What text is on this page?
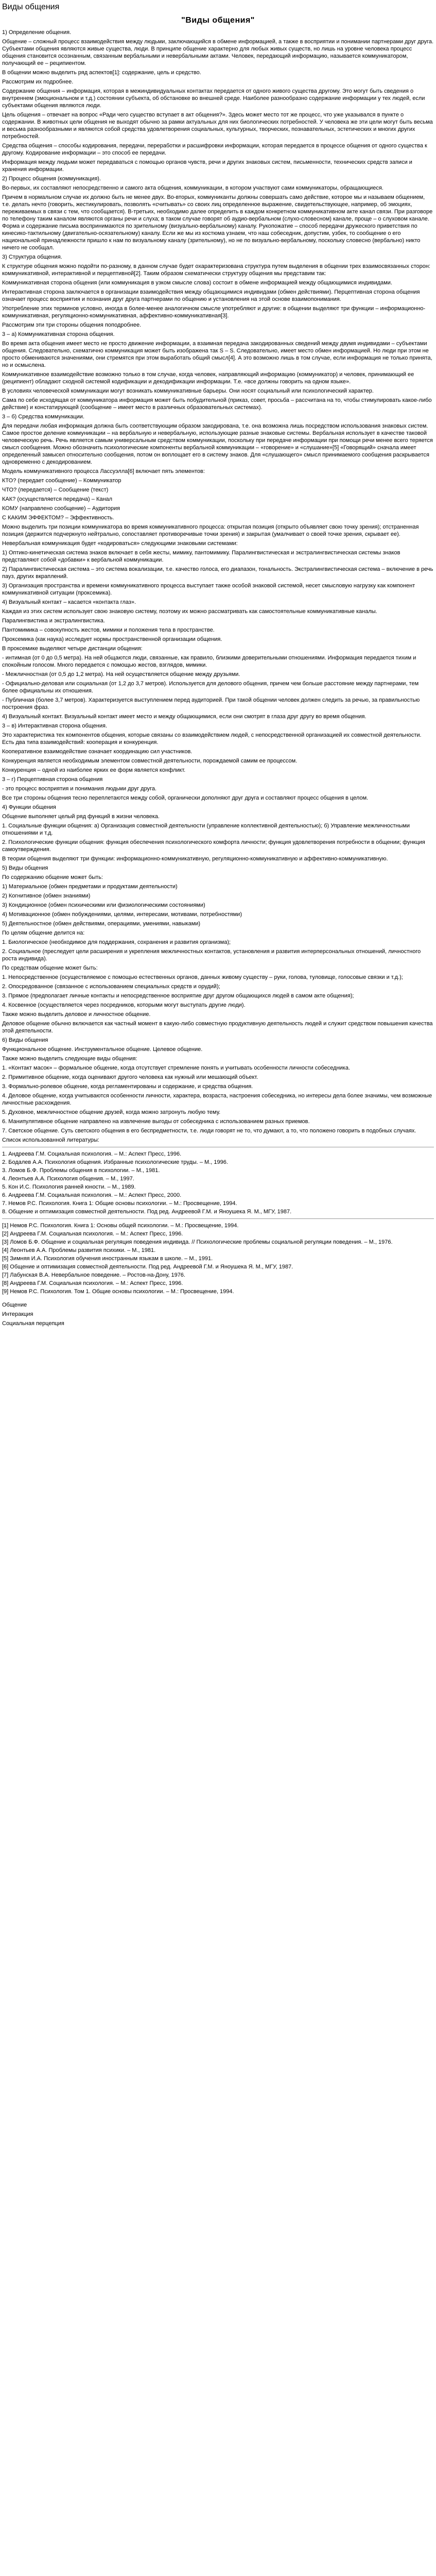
Виды общения
"Виды общения"
1) Определение общения.
Общение – сложный процесс взаимодействия между людьми, заключающийся в обмене информацией, а также в восприятии и понимании партнерами друг друга. Субъектами общения являются живые существа, люди. В принципе общение характерно для любых живых существ, но лишь на уровне человека процесс общения становится осознанным, связанным вербальными и невербальными актами. Человек, передающий информацию, называется коммуникатором, получающий ее – реципиентом.
В общении можно выделить ряд аспектов[1]: содержание, цель и средство.
Рассмотрим их подробнее.
Содержание общения – информация, которая в межиндивидуальных контактах передается от одного живого существа другому. Это могут быть сведения о внутреннем (эмоциональном и т.д.) состоянии субъекта, об обстановке во внешней среде. Наиболее разнообразно содержание информации у тех людей, если субъектами общения являются люди.
Цель общения – отвечает на вопрос «Ради чего существо вступает в акт общения?». Здесь может место тот же процесс, что уже указывался в пункте о содержании. В животных цели общения не выходят обычно за рамки актуальных для них биологических потребностей. У человека же эти цели могут быть весьма и весьма разнообразными и являются собой средства удовлетворения социальных, культурных, творческих, познавательных, эстетических и многих других потребностей.
Средства общения – способы кодирования, передачи, переработки и расшифровки информации, которая передается в процессе общения от одного существа к другому. Кодирование информации – это способ ее передачи.
Информация между людьми может передаваться с помощью органов чувств, речи и других знаковых систем, письменности, технических средств записи и хранения информации.
2) Процесс общения (коммуникация).
Во-первых, их составляют непосредственно и самого акта общения, коммуникации, в котором участвуют сами коммуникаторы, обращающиеся.
Причем в нормальном случае их должно быть не менее двух. Во-вторых, коммуниканты должны совершать само действие, которое мы и называем общением, т.е. делать нечто (говорить, жестикулировать, позволять «считывать» со своих лиц определенное выражение, свидетельствующее, например, об эмоциях, переживаемых в связи с тем, что сообщается). В-третьих, необходимо далее определить в каждом конкретном коммуникативном акте канал связи. При разговоре по телефону таким каналом являются органы речи и слуха; в таком случае говорят об аудио-вербальном (слухо-словесном) канале, проще – о слуховом канале. Форма и содержание письма воспринимаются по зрительному (визуально-вербальному) каналу. Рукопожатие – способ передачи дружеского приветствия по кинесико-тактильному (двигательно-осязательному) каналу. Если же мы из костюма узнаем, что наш собеседник, допустим, узбек, то сообщение о его национальной принадлежности пришло к нам по визуальному каналу (зрительному), но не по визуально-вербальному, поскольку словесно (вербально) никто ничего не сообщал.
3) Структура общения.
К структуре общения можно подойти по-разному, в данном случае будет охарактеризована структура путем выделения в общении трех взаимосвязанных сторон: коммуникативной, интерактивной и перцептивной[2]. Таким образом схематически структуру общения мы представим так:
Коммуникативная сторона общения (или коммуникация в узком смысле слова) состоит в обмене информацией между общающимися индивидами.
Интерактивная сторона заключается в организации взаимодействия между общающимися индивидами (обмен действиями). Перцептивная сторона общения означает процесс восприятия и познания друг друга партнерами по общению и установления на этой основе взаимопонимания.
Употребление этих терминов условно, иногда в более-менее аналогичном смысле употребляют и другие: в общении выделяют три функции – информационно-коммуникативная, регуляционно-коммуникативная, аффективно-коммуникативная[3].
Рассмотрим эти три стороны общения поподробнее.
3 – а) Коммуникативная сторона общения.
Во время акта общения имеет место не просто движение информации, а взаимная передача закодированных сведений между двумя индивидами – субъектами общения. Следовательно, схематично коммуникация может быть изображена так S – S. Следовательно, имеет место обмен информацией. Но люди при этом не просто обмениваются значениями, они стремятся при этом выработать общий смысл[4]. А это возможно лишь в том случае, если информация не только принята, но и осмыслена.
Коммуникативное взаимодействие возможно только в том случае, когда человек, направляющий информацию (коммуникатор) и человек, принимающий ее (реципиент) обладают сходной системой кодификации и декодификации информации. Т.е. «все должны говорить на одном языке».
В условиях человеческой коммуникации могут возникать коммуникативные барьеры. Они носят социальный или психологический характер.
Сама по себе исходящая от коммуникатора информация может быть побудительной (приказ, совет, просьба – рассчитана на то, чтобы стимулировать какое-либо действие) и констатирующей (сообщение – имеет место в различных образовательных системах).
3 – б) Средства коммуникации.
Для передачи любая информация должна быть соответствующим образом закодирована, т.е. она возможна лишь посредством использования знаковых систем. Самое простое деление коммуникации – на вербальную и невербальную, использующие разные знаковые системы. Вербальная использует в качестве таковой человеческую речь. Речь является самым универсальным средством коммуникации, поскольку при передаче информации при помощи речи менее всего теряется смысл сообщения. Можно обозначить психологические компоненты вербальной коммуникации – «говорение» и «слушание»[5] «Говорящий» сначала имеет определенный замысел относительно сообщения, потом он воплощает его в систему знаков. Для «слушающего» смысл принимаемого сообщения раскрывается одновременно с декодированием.
Модель коммуникативного процесса Лассуэлла[6] включает пять элементов:
КТО? (передает сообщение) – Коммуникатор
ЧТО? (передается) – Сообщение (текст)
КАК? (осуществляется передача) – Канал
КОМУ (направлено сообщение) – Аудитория
С КАКИМ ЭФФЕКТОМ? – Эффективность.
Можно выделить три позиции коммуникатора во время коммуникативного процесса: открытая позиция (открыто объявляет свою точку зрения); отстраненная позиция (держится подчеркнуто нейтрально, сопоставляет противоречивые точки зрения) и закрытая (умалчивает о своей точке зрения, скрывает ее).
Невербальная коммуникация будет «кодироваться» следующими знаковыми системами:
1) Оптико-кинетическая система знаков включает в себя жесты, мимику, пантомимику. Паралингвистическая и экстралингвистическая системы знаков представляют собой «добавки» к вербальной коммуникации.
2) Паралингвистическая система – это система вокализации, т.е. качество голоса, его диапазон, тональность. Экстралингвистическая система – включение в речь пауз, других вкраплений.
3) Организация пространства и времени коммуникативного процесса выступает также особой знаковой системой, несет смысловую нагрузку как компонент коммуникативной ситуации (проксемика).
4) Визуальный контакт – касается «контакта глаз».
Каждая из этих систем использует свою знаковую систему, поэтому их можно рассматривать как самостоятельные коммуникативные каналы.
Паралингвистика и экстралингвистика.
Пантомимика – совокупность жестов, мимики и положения тела в пространстве.
Проксемика (как наука) исследует нормы пространственной организации общения.
В проксемике выделяют четыре дистанции общения:
- интимная (от 0 до 0,5 метра). На ней общаются люди, связанные, как правило, близкими доверительными отношениями. Информация передается тихим и спокойным голосом. Много передается с помощью жестов, взглядов, мимики.
- Межличностная (от 0,5 до 1,2 метра). На ней осуществляется общение между друзьями.
- Официально-деловая или социальная (от 1,2 до 3,7 метров). Используется для делового общения, причем чем больше расстояние между партнерами, тем более официальны их отношения.
- Публичная (более 3,7 метров). Характеризуется выступлением перед аудиторией. При такой общении человек должен следить за речью, за правильностью построения фраз.
4) Визуальный контакт. Визуальный контакт имеет место и между общающимися, если они смотрят в глаза друг другу во время общения.
3 – в) Интерактивная сторона общения.
Это характеристика тех компонентов общения, которые связаны со взаимодействием людей, с непосредственной организацией их совместной деятельности. Есть два типа взаимодействий: кооперация и конкуренция.
Кооперативное взаимодействие означает координацию сил участников.
Конкуренция является необходимым элементом совместной деятельности, порождаемой самим ее процессом.
Конкуренция – одной из наиболее ярких ее форм является конфликт.
3 – г) Перцептивная сторона общения
- это процесс восприятия и понимания людьми друг друга.
Все три стороны общения тесно переплетаются между собой, органически дополняют друг друга и составляют процесс общения в целом.
4) Функции общения
Общение выполняет целый ряд функций в жизни человека.
1. Социальные функции общения: а) Организация совместной деятельности (управление коллективной деятельностью); б) Управление межличностными отношениями и т.д.
2. Психологические функции общения: функция обеспечения психологического комфорта личности; функция удовлетворения потребности в общении; функция самоутверждения.
В теории общения выделяют три функции: информационно-коммуникативную, регуляционно-коммуникативную и аффективно-коммуникативную.
5) Виды общения
По содержанию общение может быть:
1) Материальное (обмен предметами и продуктами деятельности)
2) Когнитивное (обмен знаниями)
3) Кондиционное (обмен психическими или физиологическими состояниями)
4) Мотивационное (обмен побуждениями, целями, интересами, мотивами, потребностями)
5) Деятельностное (обмен действиями, операциями, умениями, навыками)
По целям общение делится на:
1. Биологическое (необходимое для поддержания, сохранения и развития организма);
2. Социальное (преследует цели расширения и укрепления межличностных контактов, установления и развития интерперсональных отношений, личностного роста индивида).
По средствам общение может быть:
1. Непосредственное (осуществляемое с помощью естественных органов, данных живому существу – руки, голова, туловище, голосовые связки и т.д.);
2. Опосредованное (связанное с использованием специальных средств и орудий);
3. Прямое (предполагает личные контакты и непосредственное восприятие друг другом общающихся людей в самом акте общения);
4. Косвенное (осуществляется через посредников, которыми могут выступать другие люди).
Также можно выделить деловое и личностное общение.
Деловое общение обычно включается как частный момент в какую-либо совместную продуктивную деятельность людей и служит средством повышения качества этой деятельности.
6) Виды общения
Функциональное общение. Инструментальное общение. Целевое общение.
Также можно выделить следующие виды общения:
1. «Контакт масок» – формальное общение, когда отсутствует стремление понять и учитывать особенности личности собеседника.
2. Примитивное общение, когда оценивают другого человека как нужный или мешающий объект.
3. Формально-ролевое общение, когда регламентированы и содержание, и средства общения.
4. Деловое общение, когда учитываются особенности личности, характера, возраста, настроения собеседника, но интересы дела более значимы, чем возможные личностные расхождения.
5. Духовное, межличностное общение друзей, когда можно затронуть любую тему.
6. Манипулятивное общение направлено на извлечение выгоды от собеседника с использованием разных приемов.
7. Светское общение. Суть светского общения в его беспредметности, т.е. люди говорят не то, что думают, а то, что положено говорить в подобных случаях.
Список использованной литературы:
1. Андреева Г.М. Социальная психология. – М.: Аспект Пресс, 1996.
2. Бодалев А.А. Психология общения. Избранные психологические труды. – М., 1996.
3. Ломов Б.Ф. Проблемы общения в психологии. – М., 1981.
4. Леонтьев А.А. Психология общения. – М., 1997.
5. Кон И.С. Психология ранней юности. – М., 1989.
6. Андреева Г.М. Социальная психология. – М.: Аспект Пресс, 2000.
7. Немов Р.С. Психология. Книга 1: Общие основы психологии. – М.: Просвещение, 1994.
8. Общение и оптимизация совместной деятельности. Под ред. Андреевой Г.М. и Яноушека Я. М., МГУ, 1987.
[1] Немов Р.С. Психология. Книга 1: Основы общей психологии. – М.: Просвещение, 1994.
[2] Андреева Г.М. Социальная психология. – М.: Аспект Пресс, 1996.
[3] Ломов Б.Ф. Общение и социальная регуляция поведения индивида. // Психологические проблемы социальной регуляции поведения. – М., 1976.
[4] Леонтьев А.А. Проблемы развития психики. – М., 1981.
[5] Зимняя И.А. Психология обучения иностранным языкам в школе. – М., 1991.
[6] Общение и оптимизация совместной деятельности. Под ред. Андреевой Г.М. и Яноушека Я. М., МГУ, 1987.
[7] Лабунская В.А. Невербальное поведение. – Ростов-на-Дону, 1976.
[8] Андреева Г.М. Социальная психология. – М.: Аспект Пресс, 1996.
[9] Немов Р.С. Психология. Том 1. Общие основы психологии. – М.: Просвещение, 1994.
Общение
Интеракция
Социальная перцепция
